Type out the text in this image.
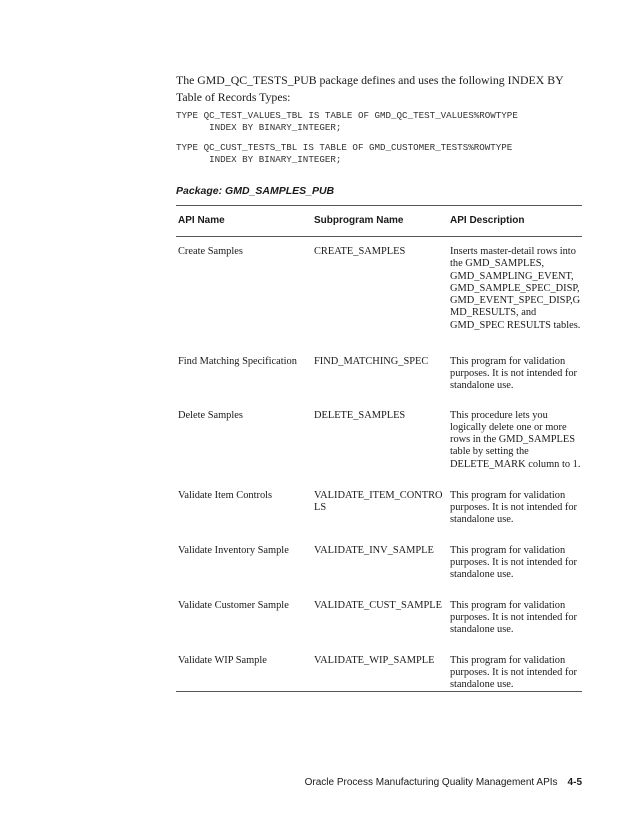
The GMD_QC_TESTS_PUB package defines and uses the following INDEX BY Table of Records Types:

TYPE QC_TEST_VALUES_TBL IS TABLE OF GMD_QC_TEST_VALUES%ROWTYPE
INDEX BY BINARY_INTEGER;
TYPE QC_CUST_TESTS_TBL IS TABLE OF GMD_CUSTOMER_TESTS%ROWTYPE
INDEX BY BINARY_INTEGER;

Package: GMD_SAMPLES_PUB

API Name	Subprogram Name	API Description
Create Samples	CREATE_SAMPLES	Inserts master-detail rows into the GMD_SAMPLES, GMD_SAMPLING_EVENT, GMD_SAMPLE_SPEC_DISP, GMD_EVENT_SPEC_DISP,GMD_RESULTS, and GMD_SPEC RESULTS tables.
Find Matching Specification	FIND_MATCHING_SPEC	This program for validation purposes. It is not intended for standalone use.
Delete Samples	DELETE_SAMPLES	This procedure lets you logically delete one or more rows in the GMD_SAMPLES table by setting the DELETE_MARK column to 1.
Validate Item Controls	VALIDATE_ITEM_CONTROLS	This program for validation purposes. It is not intended for standalone use.
Validate Inventory Sample	VALIDATE_INV_SAMPLE	This program for validation purposes. It is not intended for standalone use.
Validate Customer Sample	VALIDATE_CUST_SAMPLE	This program for validation purposes. It is not intended for standalone use.
Validate WIP Sample	VALIDATE_WIP_SAMPLE	This program for validation purposes. It is not intended for standalone use.

Oracle Process Manufacturing Quality Management APIs 4-5
